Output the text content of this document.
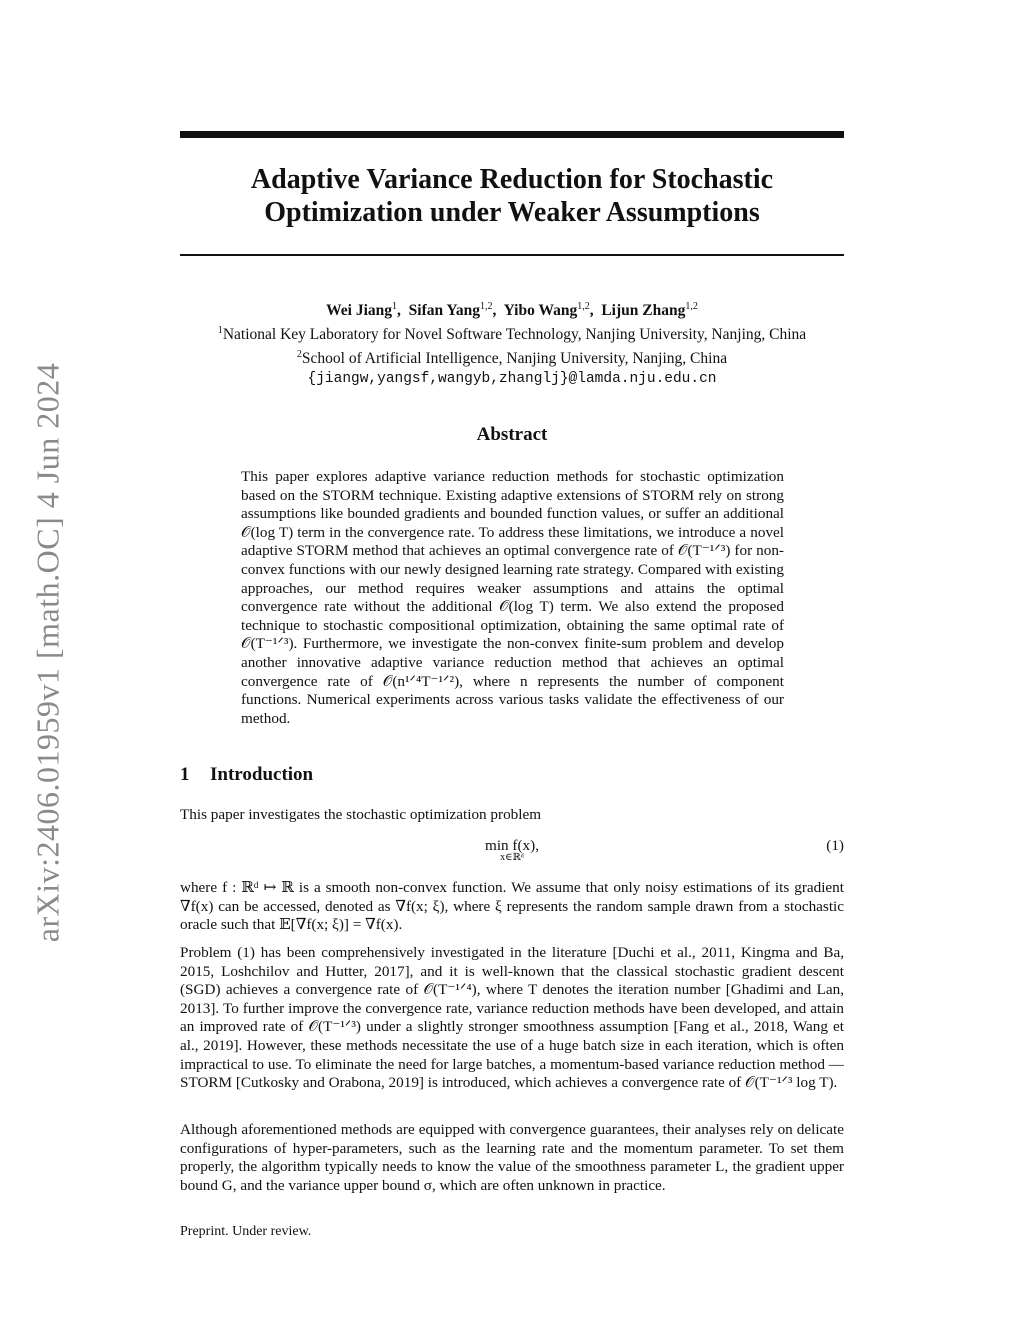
arXiv:2406.01959v1 [math.OC] 4 Jun 2024
Adaptive Variance Reduction for Stochastic
Optimization under Weaker Assumptions
Wei Jiang$^1$,  Sifan Yang$^{1,2}$,  Yibo Wang$^{1,2}$,  Lijun Zhang$^{1,2}$
$^1$National Key Laboratory for Novel Software Technology, Nanjing University, Nanjing, China
$^2$School of Artificial Intelligence, Nanjing University, Nanjing, China
{jiangw,yangsf,wangyb,zhanglj}@lamda.nju.edu.cn
Abstract
This paper explores adaptive variance reduction methods for stochastic optimization based on the STORM technique. Existing adaptive extensions of STORM rely on strong assumptions like bounded gradients and bounded function values, or suffer an additional 𝒪(log T) term in the convergence rate. To address these limitations, we introduce a novel adaptive STORM method that achieves an optimal convergence rate of 𝒪(T⁻¹ᐟ³) for non-convex functions with our newly designed learning rate strategy. Compared with existing approaches, our method requires weaker assumptions and attains the optimal convergence rate without the additional 𝒪(log T) term. We also extend the proposed technique to stochastic compositional optimization, obtaining the same optimal rate of 𝒪(T⁻¹ᐟ³). Furthermore, we investigate the non-convex finite-sum problem and develop another innovative adaptive variance reduction method that achieves an optimal convergence rate of 𝒪(n¹ᐟ⁴T⁻¹ᐟ²), where n represents the number of component functions. Numerical experiments across various tasks validate the effectiveness of our method.
1 Introduction
This paper investigates the stochastic optimization problem
min f(x),
x∈ℝᵈ
(1)
where f : ℝᵈ ↦ ℝ is a smooth non-convex function. We assume that only noisy estimations of its gradient ∇f(x) can be accessed, denoted as ∇f(x; ξ), where ξ represents the random sample drawn from a stochastic oracle such that 𝔼[∇f(x; ξ)] = ∇f(x).
Problem (1) has been comprehensively investigated in the literature [Duchi et al., 2011, Kingma and Ba, 2015, Loshchilov and Hutter, 2017], and it is well-known that the classical stochastic gradient descent (SGD) achieves a convergence rate of 𝒪(T⁻¹ᐟ⁴), where T denotes the iteration number [Ghadimi and Lan, 2013]. To further improve the convergence rate, variance reduction methods have been developed, and attain an improved rate of 𝒪(T⁻¹ᐟ³) under a slightly stronger smoothness assumption [Fang et al., 2018, Wang et al., 2019]. However, these methods necessitate the use of a huge batch size in each iteration, which is often impractical to use. To eliminate the need for large batches, a momentum-based variance reduction method — STORM [Cutkosky and Orabona, 2019] is introduced, which achieves a convergence rate of 𝒪(T⁻¹ᐟ³ log T).
Although aforementioned methods are equipped with convergence guarantees, their analyses rely on delicate configurations of hyper-parameters, such as the learning rate and the momentum parameter. To set them properly, the algorithm typically needs to know the value of the smoothness parameter L, the gradient upper bound G, and the variance upper bound σ, which are often unknown in practice.
Preprint. Under review.
